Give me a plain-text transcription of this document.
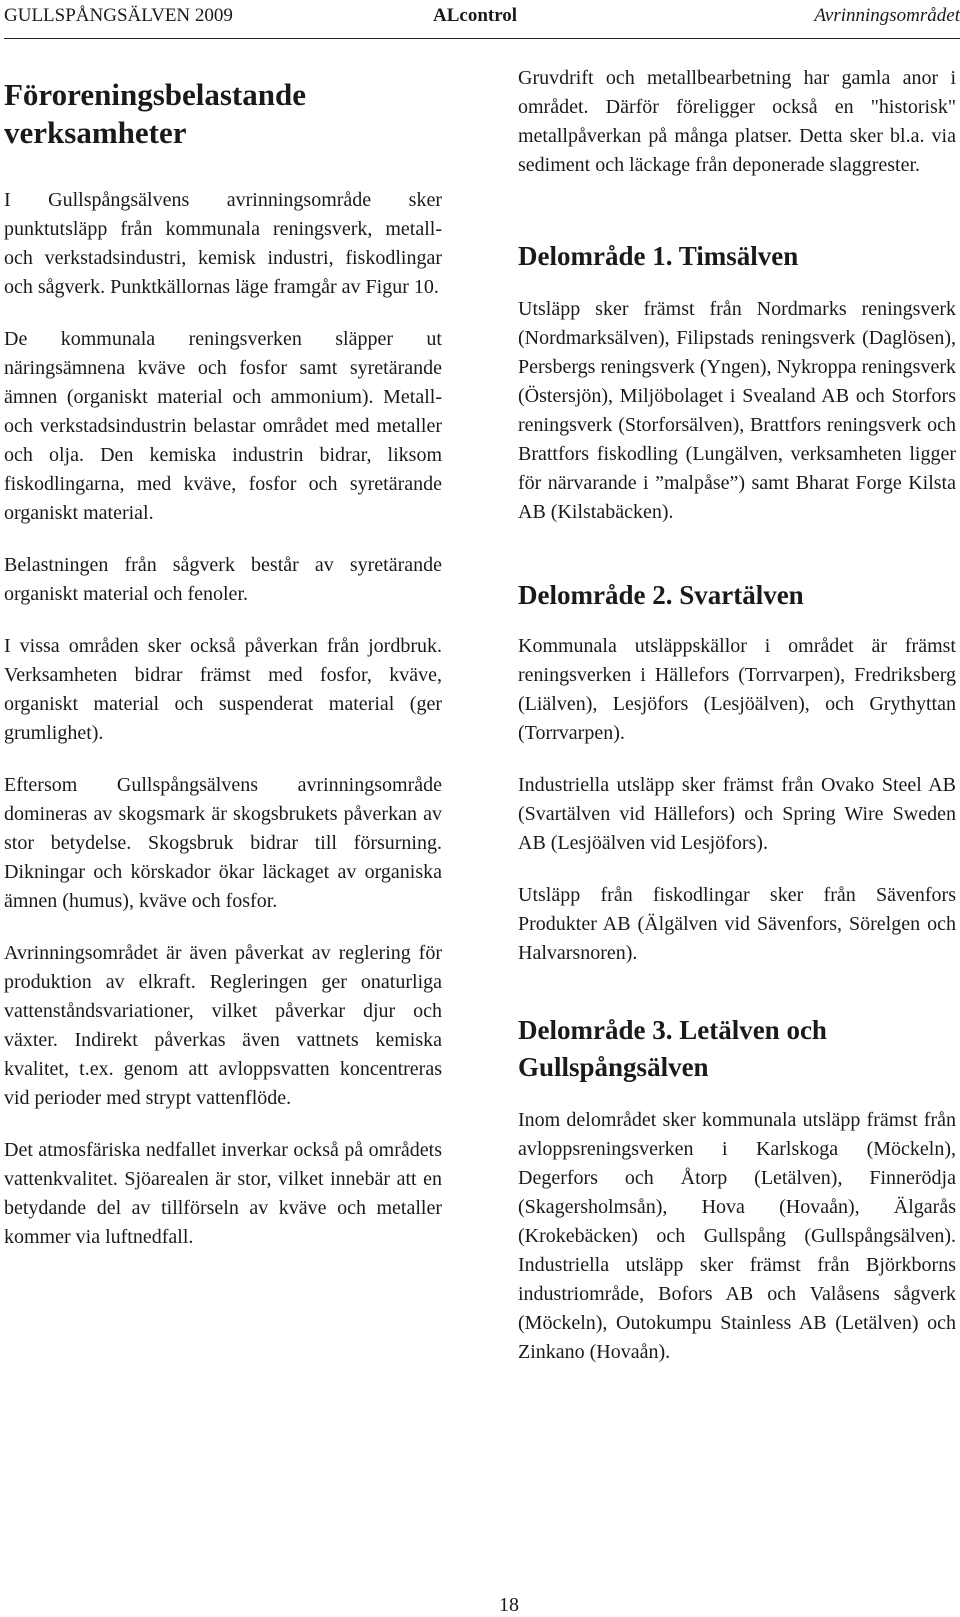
GULLSPÅNGSÄLVEN 2009	ALcontrol	Avrinningsområdet
Föroreningsbelastande verksamheter

I Gullspångsälvens avrinningsområde sker punktutsläpp från kommunala reningsverk, metall- och verkstadsindustri, kemisk industri, fiskodlingar och sågverk. Punktkällornas läge framgår av Figur 10.

De kommunala reningsverken släpper ut näringsämnena kväve och fosfor samt syretärande ämnen (organiskt material och ammonium). Metall- och verkstadsindustrin belastar området med metaller och olja. Den kemiska industrin bidrar, liksom fiskodlingarna, med kväve, fosfor och syretärande organiskt material.

Belastningen från sågverk består av syretärande organiskt material och fenoler.

I vissa områden sker också påverkan från jordbruk. Verksamheten bidrar främst med fosfor, kväve, organiskt material och suspenderat material (ger grumlighet).

Eftersom Gullspångsälvens avrinningsområde domineras av skogsmark är skogsbrukets påverkan av stor betydelse. Skogsbruk bidrar till försurning. Dikningar och körskador ökar läckaget av organiska ämnen (humus), kväve och fosfor.

Avrinningsområdet är även påverkat av reglering för produktion av elkraft. Regleringen ger onaturliga vattenståndsvariationer, vilket påverkar djur och växter. Indirekt påverkas även vattnets kemiska kvalitet, t.ex. genom att avloppsvatten koncentreras vid perioder med strypt vattenflöde.

Det atmosfäriska nedfallet inverkar också på områdets vattenkvalitet. Sjöarealen är stor, vilket innebär att en betydande del av tillförseln av kväve och metaller kommer via luftnedfall.

Gruvdrift och metallbearbetning har gamla anor i området. Därför föreligger också en "historisk" metallpåverkan på många platser. Detta sker bl.a. via sediment och läckage från deponerade slaggrester.

Delområde 1. Timsälven

Utsläpp sker främst från Nordmarks reningsverk (Nordmarksälven), Filipstads reningsverk (Daglösen), Persbergs reningsverk (Yngen), Nykroppa reningsverk (Östersjön), Miljöbolaget i Svealand AB och Storfors reningsverk (Storforsälven), Brattfors reningsverk och Brattfors fiskodling (Lungälven, verksamheten ligger för närvarande i ”malpåse”) samt Bharat Forge Kilsta AB (Kilstabäcken).

Delområde 2. Svartälven

Kommunala utsläppskällor i området är främst reningsverken i Hällefors (Torrvarpen), Fredriksberg (Liälven), Lesjöfors (Lesjöälven), och Grythyttan (Torrvarpen).

Industriella utsläpp sker främst från Ovako Steel AB (Svartälven vid Hällefors) och Spring Wire Sweden AB (Lesjöälven vid Lesjöfors).

Utsläpp från fiskodlingar sker från Sävenfors Produkter AB (Älgälven vid Sävenfors, Sörelgen och Halvarsnoren).

Delområde 3. Letälven och Gullspångsälven

Inom delområdet sker kommunala utsläpp främst från avloppsreningsverken i Karlskoga (Möckeln), Degerfors och Åtorp (Letälven), Finnerödja (Skagersholmsån), Hova (Hovaån), Älgarås (Krokebäcken) och Gullspång (Gullspångsälven). Industriella utsläpp sker främst från Björkborns industriområde, Bofors AB och Valåsens sågverk (Möckeln), Outokumpu Stainless AB (Letälven) och Zinkano (Hovaån).

18
